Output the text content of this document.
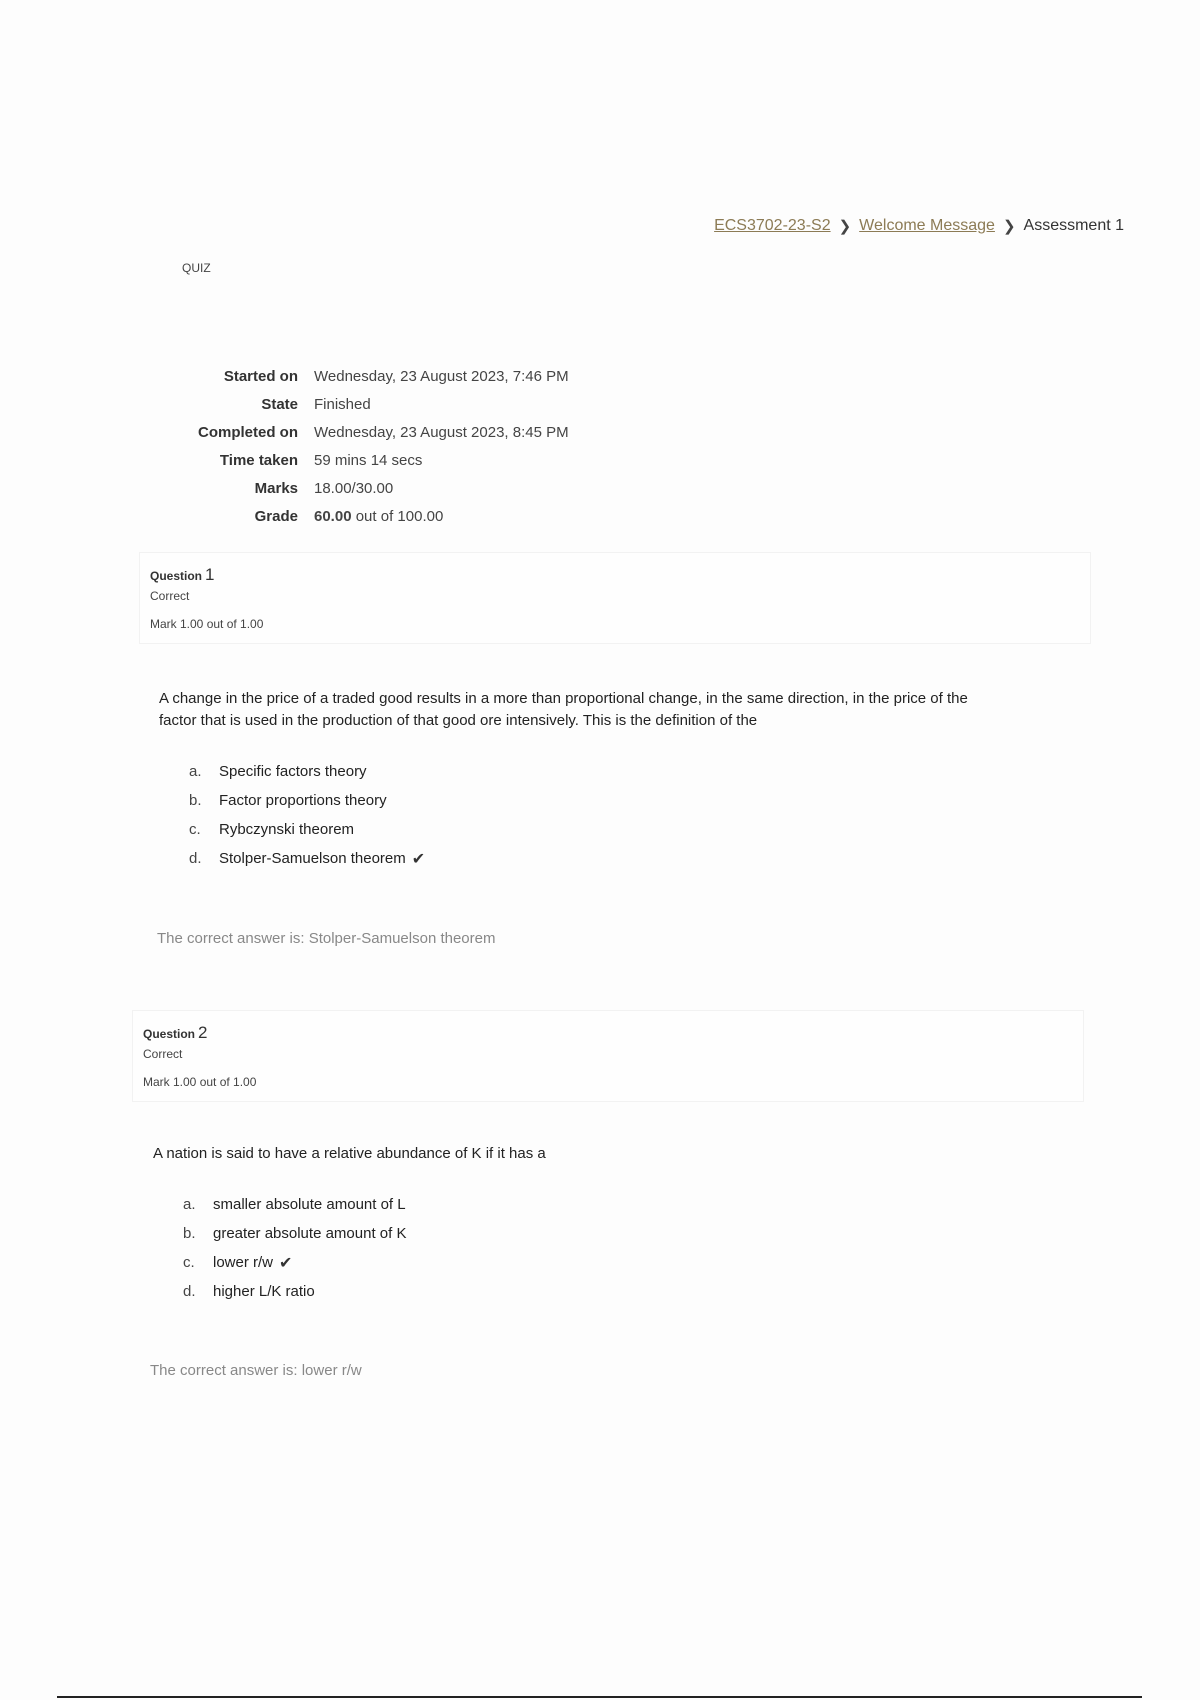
ECS3702-23-S2 ❯ Welcome Message ❯ Assessment 1
QUIZ
Started on	Wednesday, 23 August 2023, 7:46 PM
State	Finished
Completed on	Wednesday, 23 August 2023, 8:45 PM
Time taken	59 mins 14 secs
Marks	18.00/30.00
Grade	60.00 out of 100.00
Question 1
Correct
Mark 1.00 out of 1.00
A change in the price of a traded good results in a more than proportional change, in the same direction, in the price of the
factor that is used in the production of that good ore intensively. This is the definition of the
a.	Specific factors theory
b.	Factor proportions theory
c.	Rybczynski theorem
d.	Stolper-Samuelson theorem ✔
The correct answer is: Stolper-Samuelson theorem
Question 2
Correct
Mark 1.00 out of 1.00
A nation is said to have a relative abundance of K if it has a
a.	smaller absolute amount of L
b.	greater absolute amount of K
c.	lower r/w ✔
d.	higher L/K ratio
The correct answer is: lower r/w
